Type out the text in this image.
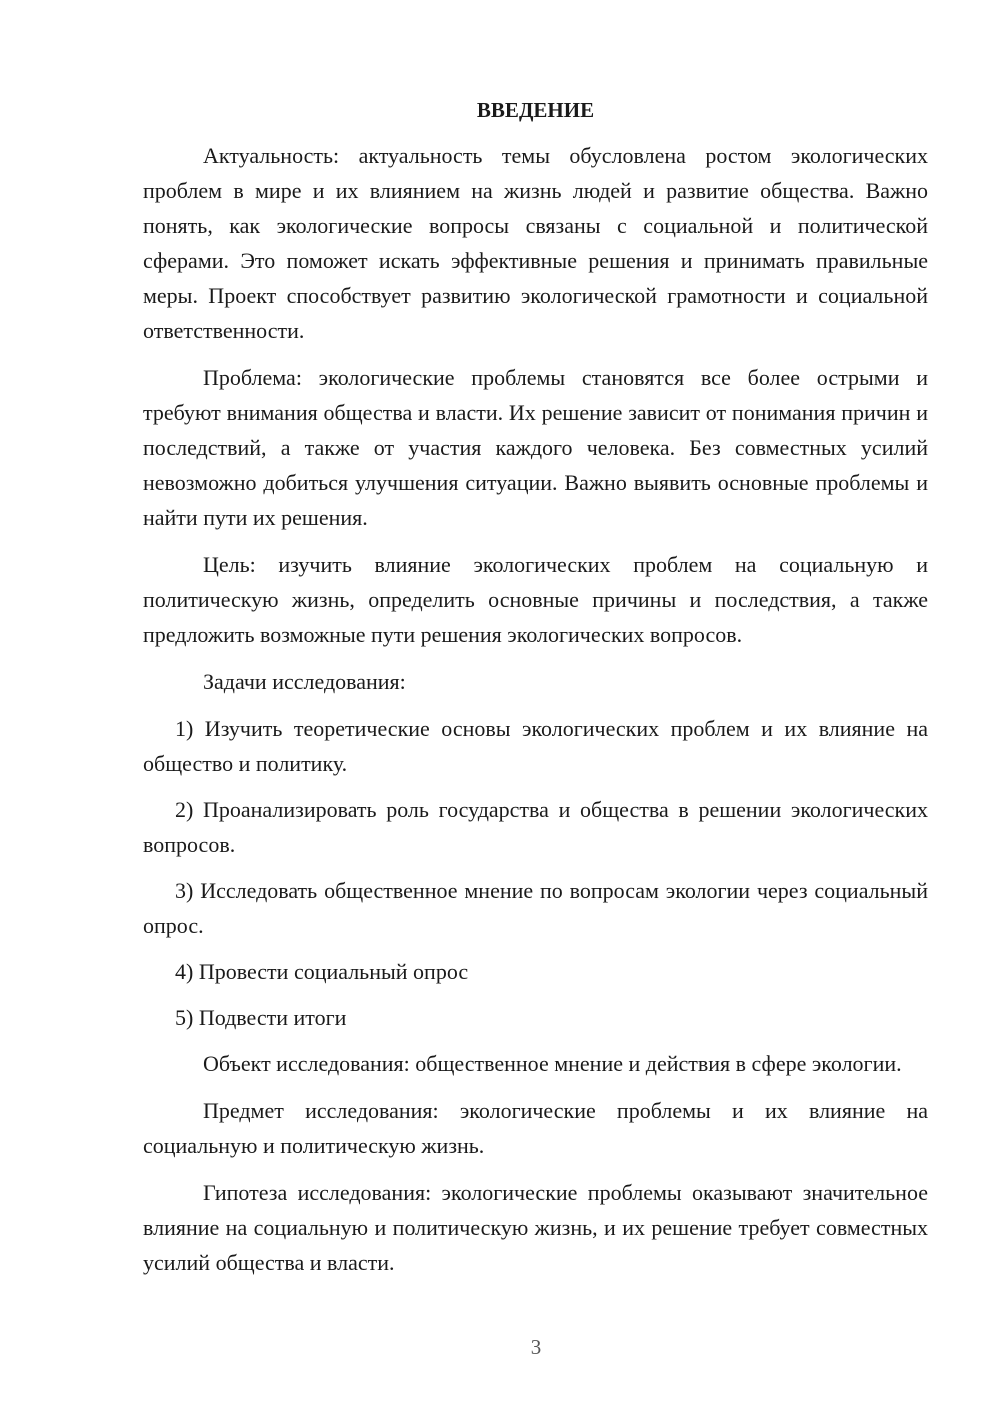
ВВЕДЕНИЕ

Актуальность: актуальность темы обусловлена ростом экологических проблем в мире и их влиянием на жизнь людей и развитие общества. Важно понять, как экологические вопросы связаны с социальной и политической сферами. Это поможет искать эффективные решения и принимать правильные меры. Проект способствует развитию экологической грамотности и социальной ответственности.

Проблема: экологические проблемы становятся все более острыми и требуют внимания общества и власти. Их решение зависит от понимания причин и последствий, а также от участия каждого человека. Без совместных усилий невозможно добиться улучшения ситуации. Важно выявить основные проблемы и найти пути их решения.

Цель: изучить влияние экологических проблем на социальную и политическую жизнь, определить основные причины и последствия, а также предложить возможные пути решения экологических вопросов.

Задачи исследования:

1) Изучить теоретические основы экологических проблем и их влияние на общество и политику.

2) Проанализировать роль государства и общества в решении экологических вопросов.

3) Исследовать общественное мнение по вопросам экологии через социальный опрос.

4) Провести социальный опрос

5) Подвести итоги

Объект исследования: общественное мнение и действия в сфере экологии.

Предмет исследования: экологические проблемы и их влияние на социальную и политическую жизнь.

Гипотеза исследования: экологические проблемы оказывают значительное влияние на социальную и политическую жизнь, и их решение требует совместных усилий общества и власти.

3
